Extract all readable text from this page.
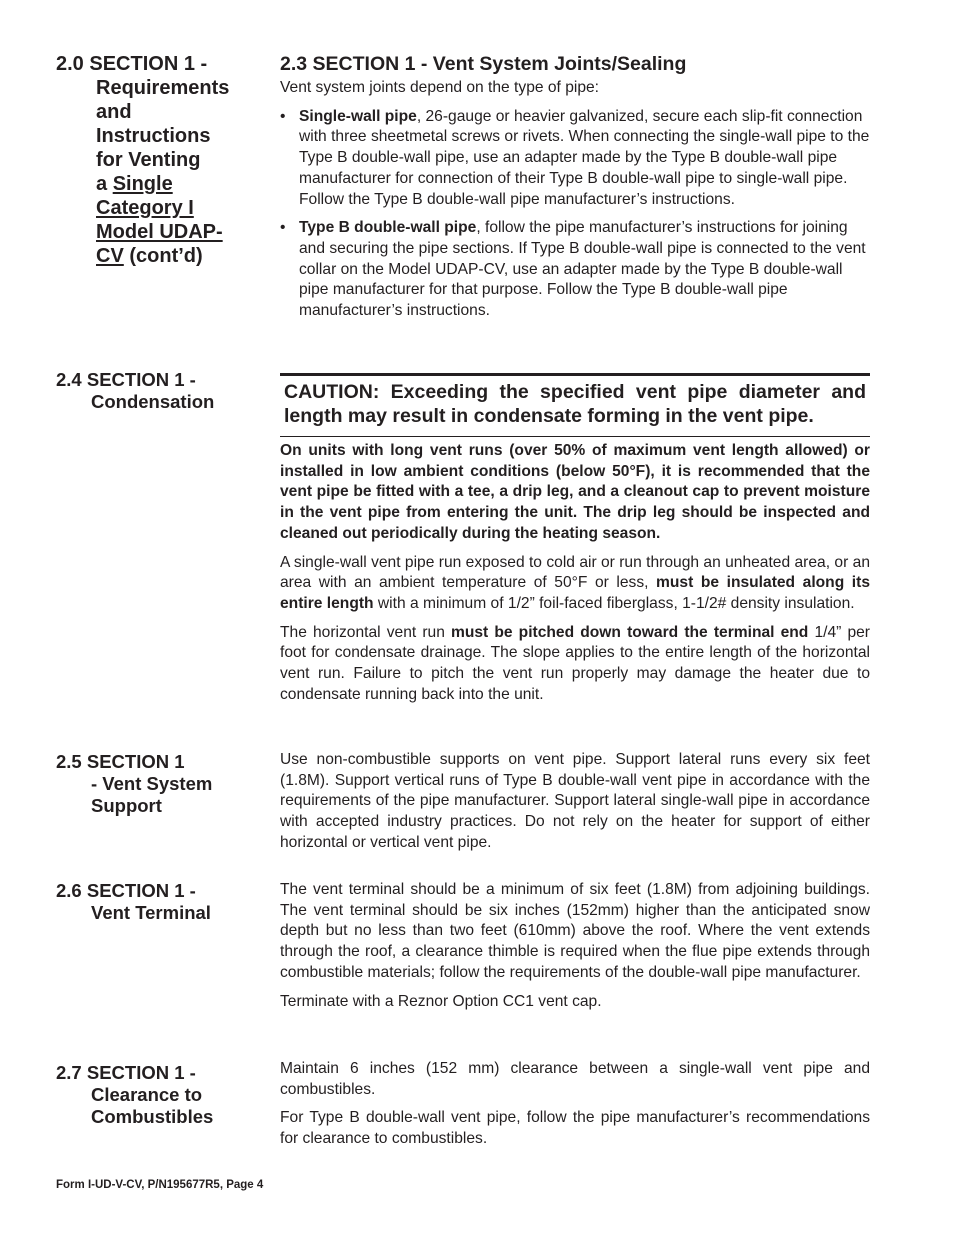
2.0 SECTION 1 -
Requirements
and
Instructions
for Venting
a Single
Category I
Model UDAP-
CV (cont’d)
2.3 SECTION 1 - Vent System Joints/Sealing
Vent system joints depend on the type of pipe:
• Single-wall pipe, 26-gauge or heavier galvanized, secure each slip-fit connection with three sheetmetal screws or rivets. When connecting the single-wall pipe to the Type B double-wall pipe, use an adapter made by the Type B double-wall pipe manufacturer for connection of their Type B double-wall pipe to single-wall pipe. Follow the Type B double-wall pipe manufacturer’s instructions.
• Type B double-wall pipe, follow the pipe manufacturer’s instructions for joining and securing the pipe sections. If Type B double-wall pipe is connected to the vent collar on the Model UDAP-CV, use an adapter made by the Type B double-wall pipe manufacturer for that purpose. Follow the Type B double-wall pipe manufacturer’s instructions.
2.4 SECTION 1 -
Condensation	CAUTION: Exceeding the specified vent pipe diameter and length may result in condensate forming in the vent pipe.

On units with long vent runs (over 50% of maximum vent length allowed) or installed in low ambient conditions (below 50°F), it is recommended that the vent pipe be fitted with a tee, a drip leg, and a cleanout cap to prevent moisture in the vent pipe from entering the unit. The drip leg should be inspected and cleaned out periodically during the heating season.

A single-wall vent pipe run exposed to cold air or run through an unheated area, or an area with an ambient temperature of 50°F or less, must be insulated along its entire length with a minimum of 1/2” foil-faced fiberglass, 1-1/2# density insulation.

The horizontal vent run must be pitched down toward the terminal end 1/4” per foot for condensate drainage. The slope applies to the entire length of the horizontal vent run. Failure to pitch the vent run properly may damage the heater due to condensate running back into the unit.

2.5 SECTION 1
- Vent System
Support

Use non-combustible supports on vent pipe. Support lateral runs every six feet (1.8M). Support vertical runs of Type B double-wall vent pipe in accordance with the requirements of the pipe manufacturer. Support lateral single-wall pipe in accordance with accepted industry practices. Do not rely on the heater for support of either horizontal or vertical vent pipe.

2.6 SECTION 1 -
Vent Terminal

The vent terminal should be a minimum of six feet (1.8M) from adjoining buildings. The vent terminal should be six inches (152mm) higher than the anticipated snow depth but no less than two feet (610mm) above the roof. Where the vent extends through the roof, a clearance thimble is required when the flue pipe extends through combustible materials; follow the requirements of the double-wall pipe manufacturer.

Terminate with a Reznor Option CC1 vent cap.

2.7 SECTION 1 -
Clearance to
Combustibles

Maintain 6 inches (152 mm) clearance between a single-wall vent pipe and combustibles.

For Type B double-wall vent pipe, follow the pipe manufacturer’s recommendations for clearance to combustibles.

Form I-UD-V-CV, P/N195677R5, Page 4
